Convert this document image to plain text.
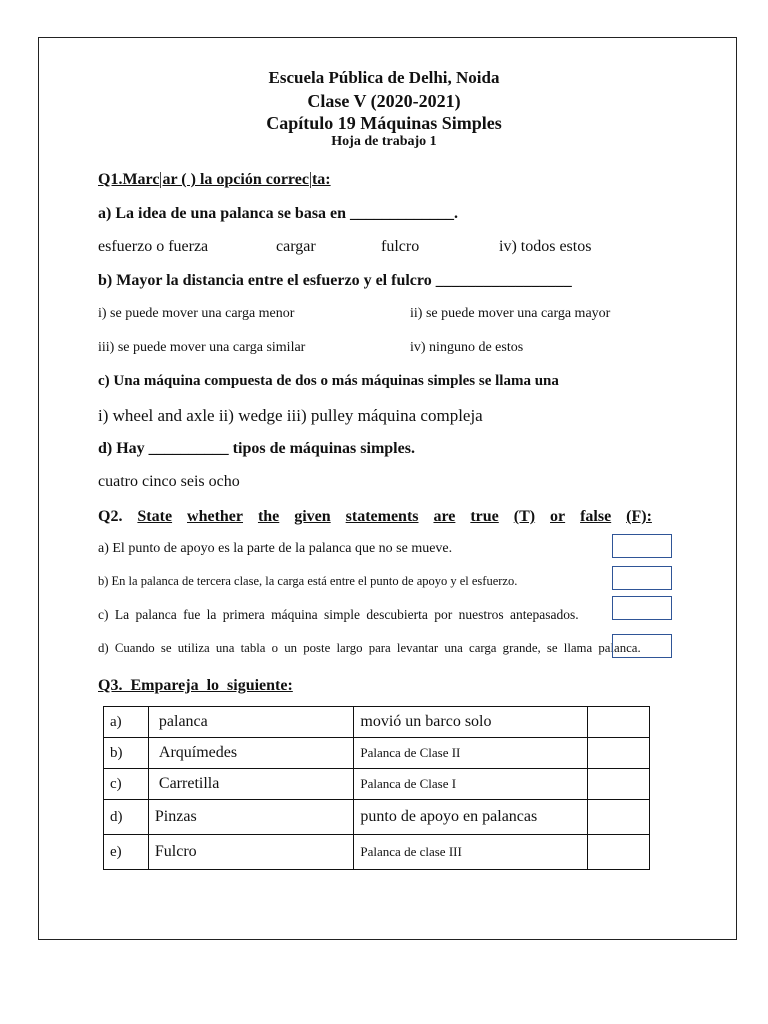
Escuela Pública de Delhi, Noida
Clase V (2020-2021)
Capítulo 19 Máquinas Simples
Hoja de trabajo 1
Q1.Marc ar ( ) la opción correc ta:
a) La idea de una palanca se basa en _____________.
esfuerzo o fuerza	cargar	fulcro	iv) todos estos
b) Mayor la distancia entre el esfuerzo y el fulcro _________________
i) se puede mover una carga menor	ii) se puede mover una carga mayor
iii) se puede mover una carga similar	iv) ninguno de estos
c) Una máquina compuesta de dos o más máquinas simples se llama una
i) wheel and axle ii) wedge iii) pulley máquina compleja
d) Hay __________ tipos de máquinas simples.
cuatro cinco seis ocho
Q2. State whether the given statements are true (T) or false (F):
a) El punto de apoyo es la parte de la palanca que no se mueve.
b) En la palanca de tercera clase, la carga está entre el punto de apoyo y el esfuerzo.
c) La palanca fue la primera máquina simple descubierta por nuestros antepasados.
d) Cuando se utiliza una tabla o un poste largo para levantar una carga grande, se llama palanca.
Q3. Empareja lo siguiente:
a)	palanca	movió un barco solo	
b)	Arquímedes	Palanca de Clase II	
c)	Carretilla	Palanca de Clase I	
d)	Pinzas	punto de apoyo en palancas	
e)	Fulcro	Palanca de clase III	
